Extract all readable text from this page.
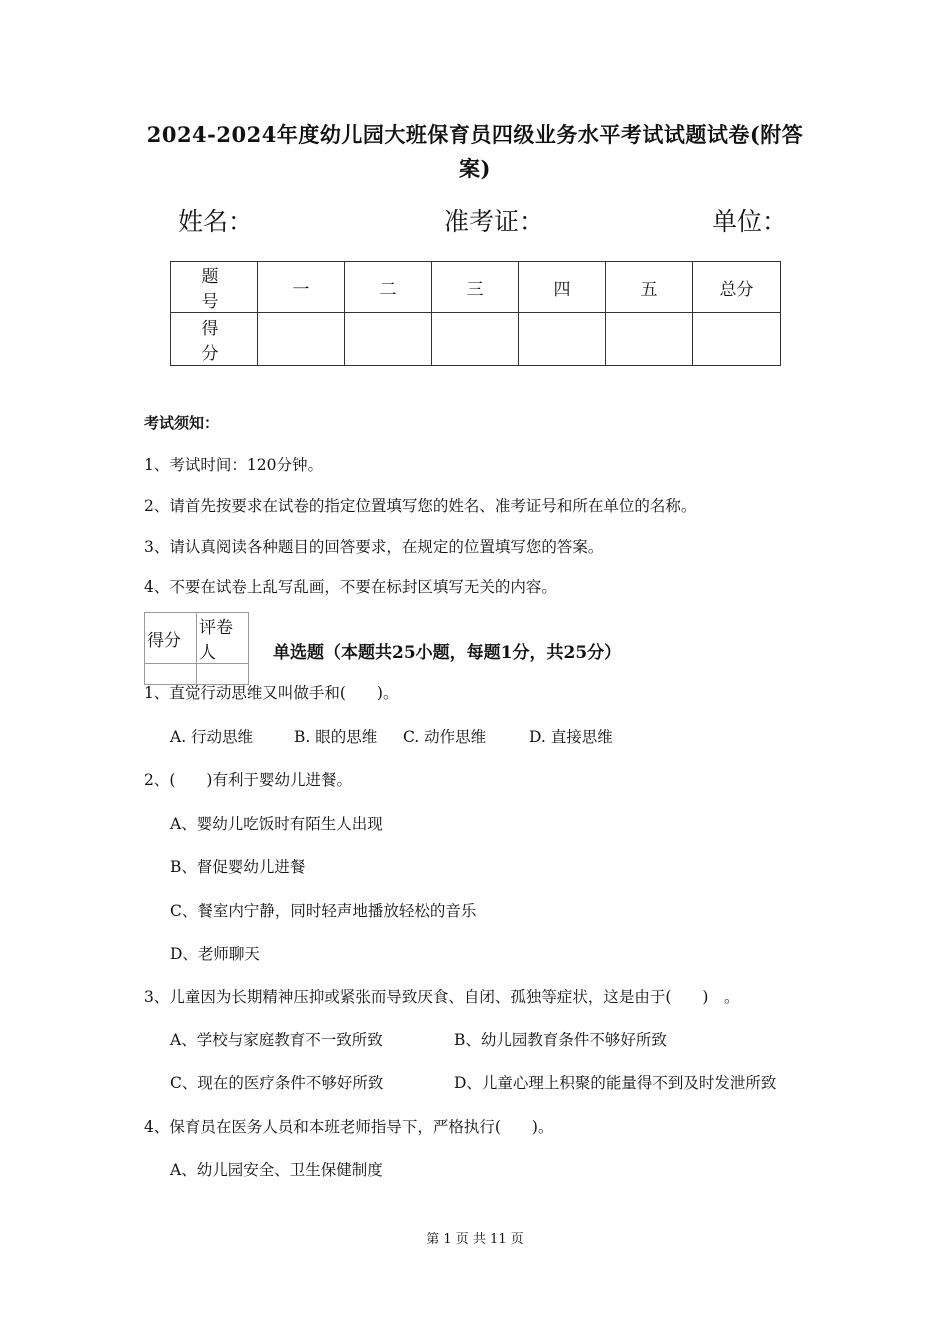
2024-2024年度幼儿园大班保育员四级业务水平考试试题试卷(附答
案)
姓名：	准考证：	单位：
题　号	一	二	三	四	五	总分
得　分						
考试须知：
1、考试时间：120分钟。
2、请首先按要求在试卷的指定位置填写您的姓名、准考证号和所在单位的名称。
3、请认真阅读各种题目的回答要求，在规定的位置填写您的答案。
4、不要在试卷上乱写乱画，不要在标封区填写无关的内容。
得分	评卷人
		单选题（本题共25小题，每题1分，共25分）
1、直觉行动思维又叫做手和(　　)。
A. 行动思维	B. 眼的思维 C. 动作思维	D. 直接思维
2、(　　)有利于婴幼儿进餐。
A、婴幼儿吃饭时有陌生人出现
B、督促婴幼儿进餐
C、餐室内宁静，同时轻声地播放轻松的音乐
D、老师聊天
3、儿童因为长期精神压抑或紧张而导致厌食、自闭、孤独等症状，这是由于(　　)　。
A、学校与家庭教育不一致所致	B、幼儿园教育条件不够好所致
C、现在的医疗条件不够好所致	D、儿童心理上积聚的能量得不到及时发泄所致
4、保育员在医务人员和本班老师指导下，严格执行(　　)。
A、幼儿园安全、卫生保健制度
第 1 页 共 11 页
